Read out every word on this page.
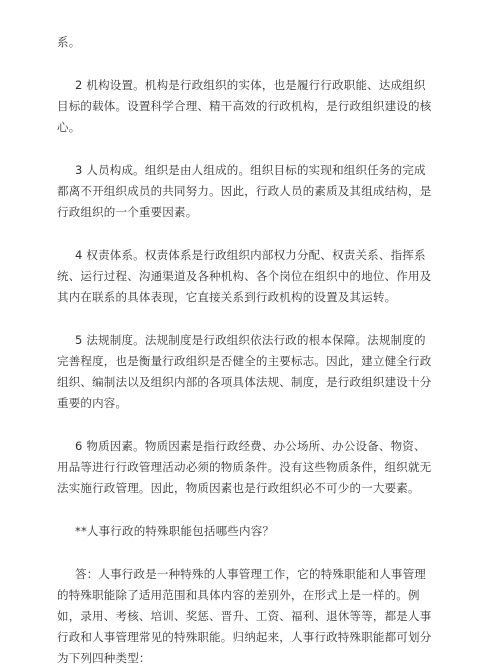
系。

2 机构设置。机构是行政组织的实体，也是履行行政职能、达成组织目标的载体。设置科学合理、精干高效的行政机构，是行政组织建设的核心。

3 人员构成。组织是由人组成的。组织目标的实现和组织任务的完成都离不开组织成员的共同努力。因此，行政人员的素质及其组成结构，是行政组织的一个重要因素。

4 权责体系。权责体系是行政组织内部权力分配、权责关系、指挥系统、运行过程、沟通渠道及各种机构、各个岗位在组织中的地位、作用及其内在联系的具体表现，它直接关系到行政机构的设置及其运转。

5 法规制度。法规制度是行政组织依法行政的根本保障。法规制度的完善程度，也是衡量行政组织是否健全的主要标志。因此，建立健全行政组织、编制法以及组织内部的各项具体法规、制度，是行政组织建设十分重要的内容。

6 物质因素。物质因素是指行政经费、办公场所、办公设备、物资、用品等进行行政管理活动必须的物质条件。没有这些物质条件，组织就无法实施行政管理。因此，物质因素也是行政组织必不可少的一大要素。

**人事行政的特殊职能包括哪些内容？

答：人事行政是一种特殊的人事管理工作，它的特殊职能和人事管理的特殊职能除了适用范围和具体内容的差别外，在形式上是一样的。例如，录用、考核、培训、奖惩、晋升、工资、福利、退休等等，都是人事行政和人事管理常见的特殊职能。归纳起来，人事行政特殊职能都可划分为下列四种类型：
